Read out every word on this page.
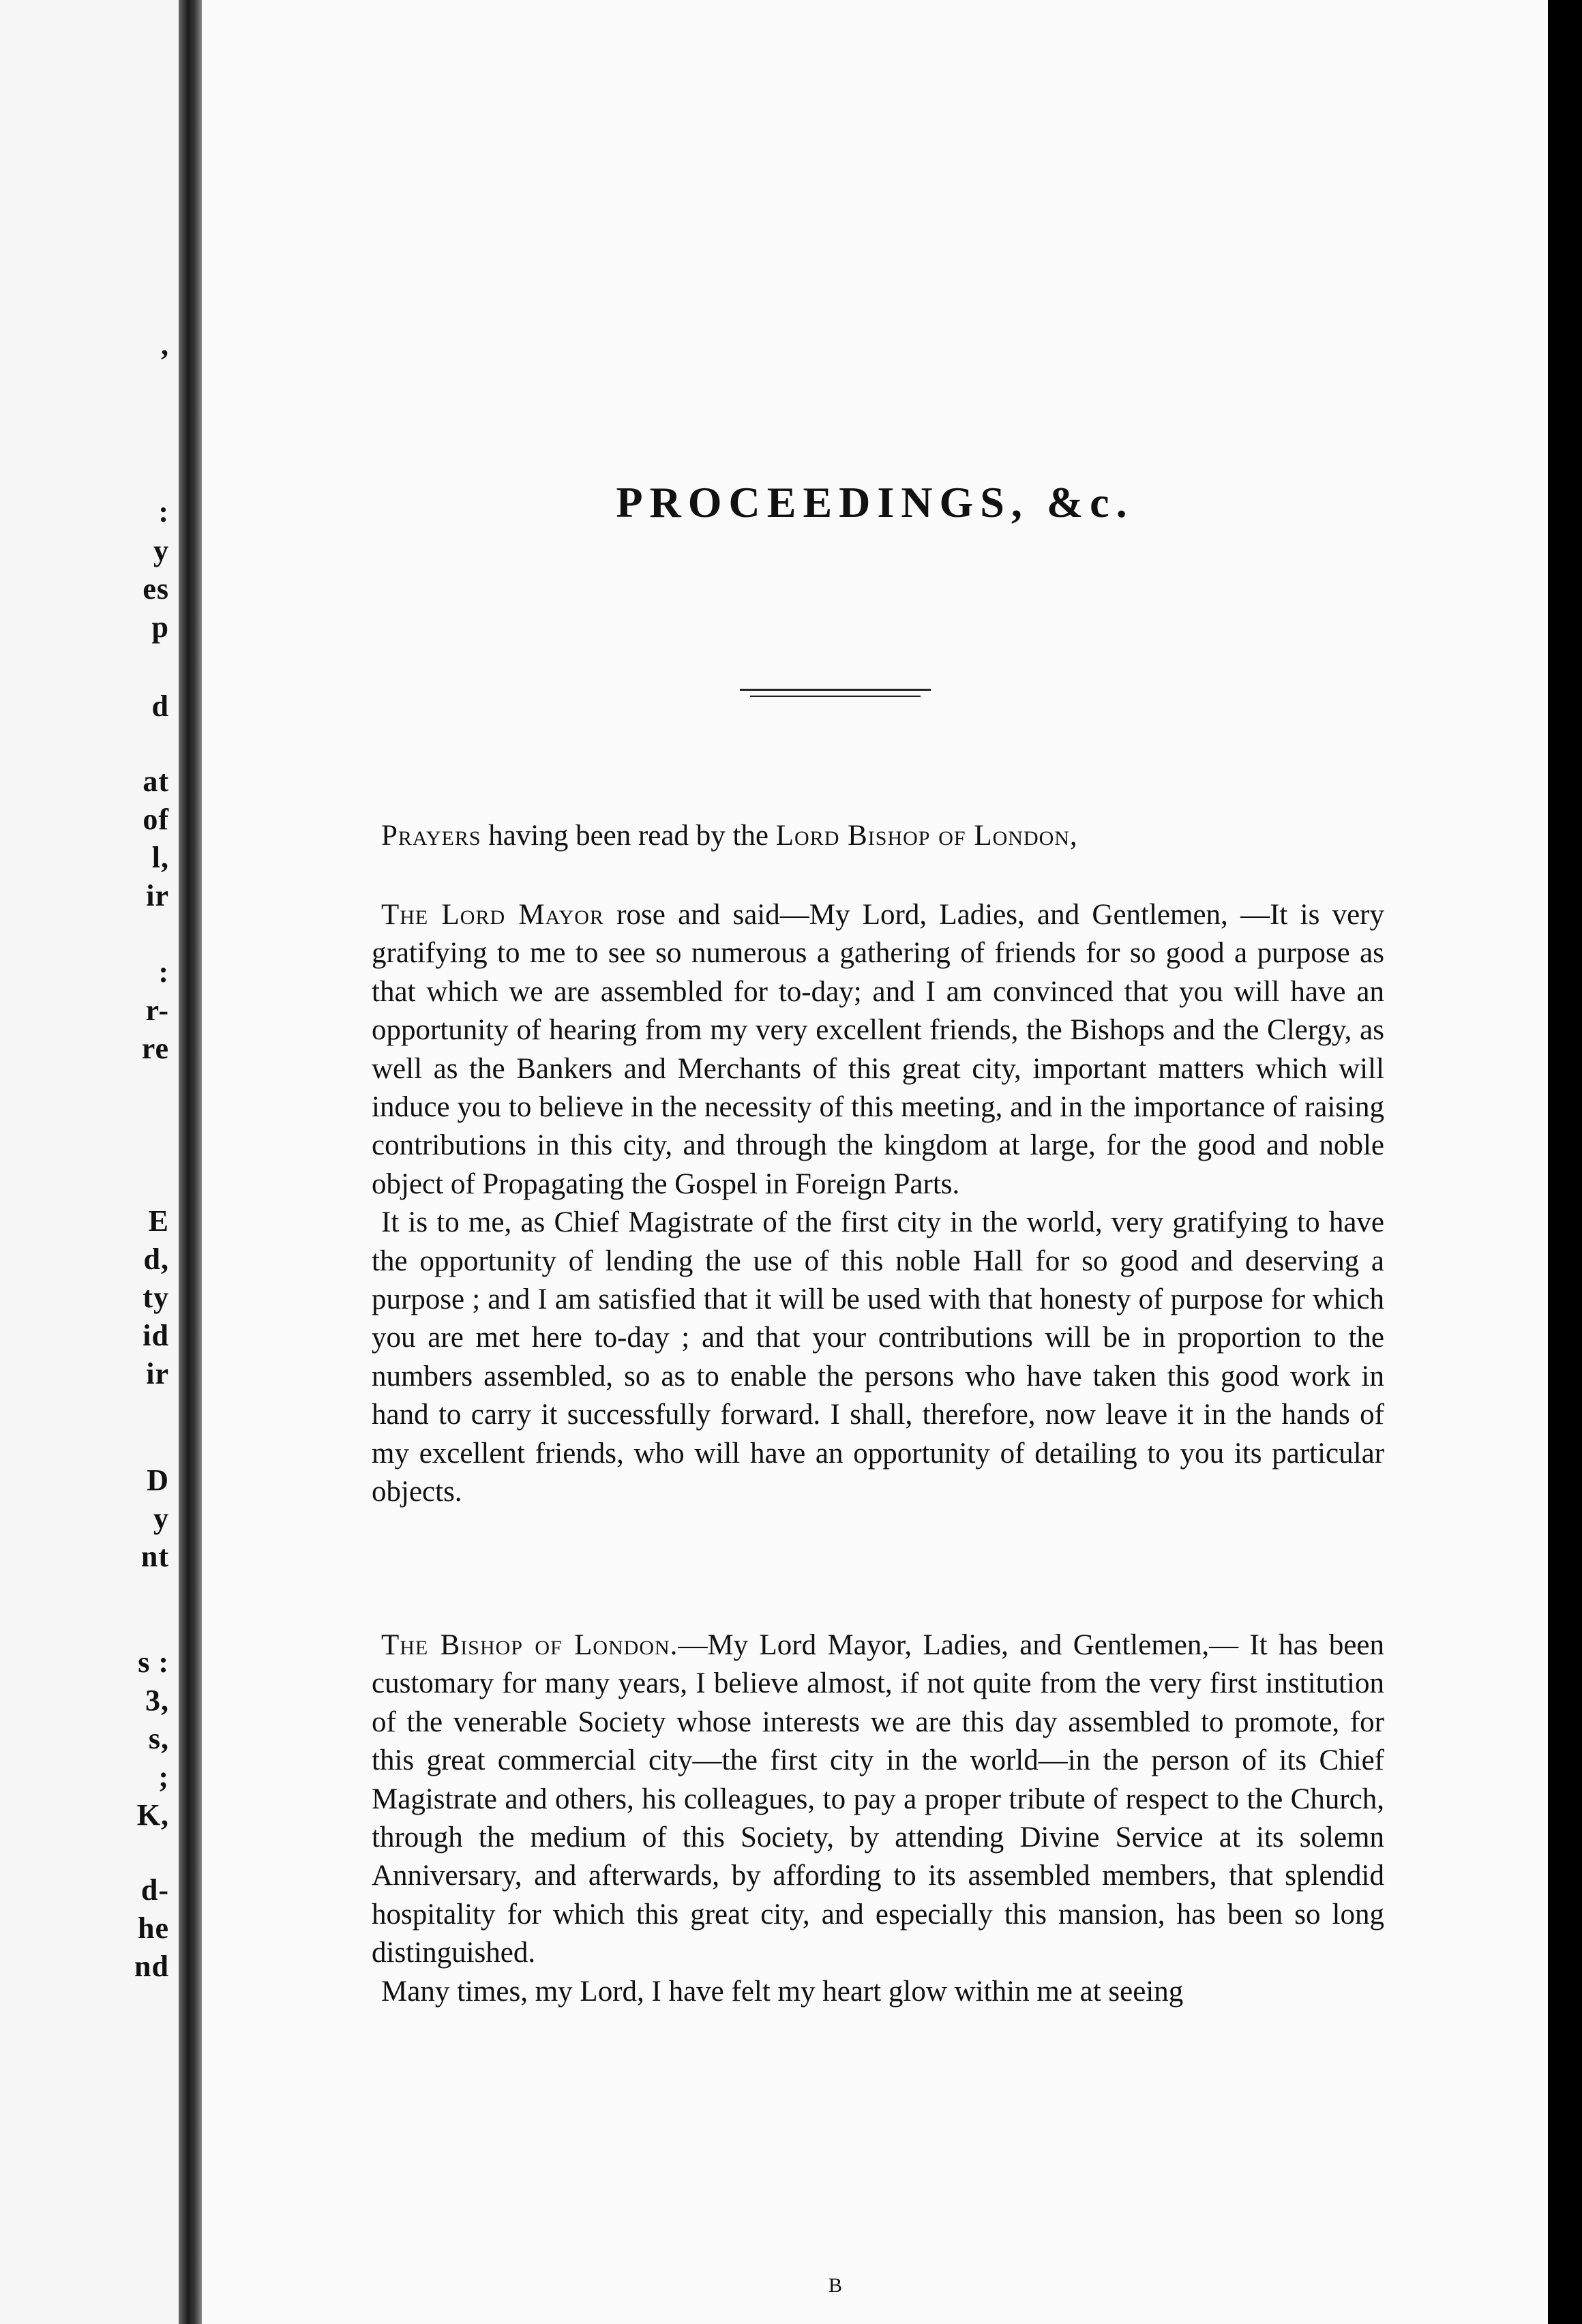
,
:
y
es
p
d
at
of
l,
ir
:
r-
re
E
d,
ty
id
ir
D
y
nt
s :
3,
s,
;
K,
d-
he
nd
PROCEEDINGS, &c.

Prayers having been read by the Lord Bishop of London,

The Lord Mayor rose and said—My Lord, Ladies, and Gentlemen, —It is very gratifying to me to see so numerous a gathering of friends for so good a purpose as that which we are assembled for to-day; and I am convinced that you will have an opportunity of hearing from my very excellent friends, the Bishops and the Clergy, as well as the Bankers and Merchants of this great city, important matters which will induce you to believe in the necessity of this meeting, and in the importance of raising contributions in this city, and through the kingdom at large, for the good and noble object of Propagating the Gospel in Foreign Parts.

It is to me, as Chief Magistrate of the first city in the world, very gratifying to have the opportunity of lending the use of this noble Hall for so good and deserving a purpose ; and I am satisfied that it will be used with that honesty of purpose for which you are met here to-day ; and that your contributions will be in proportion to the numbers assembled, so as to enable the persons who have taken this good work in hand to carry it successfully forward. I shall, therefore, now leave it in the hands of my excellent friends, who will have an opportunity of detailing to you its particular objects.

The Bishop of London.—My Lord Mayor, Ladies, and Gentlemen,— It has been customary for many years, I believe almost, if not quite from the very first institution of the venerable Society whose interests we are this day assembled to promote, for this great commercial city—the first city in the world—in the person of its Chief Magistrate and others, his colleagues, to pay a proper tribute of respect to the Church, through the medium of this Society, by attending Divine Service at its solemn Anniversary, and afterwards, by affording to its assembled members, that splendid hospitality for which this great city, and especially this mansion, has been so long distinguished.

Many times, my Lord, I have felt my heart glow within me at seeing

B
